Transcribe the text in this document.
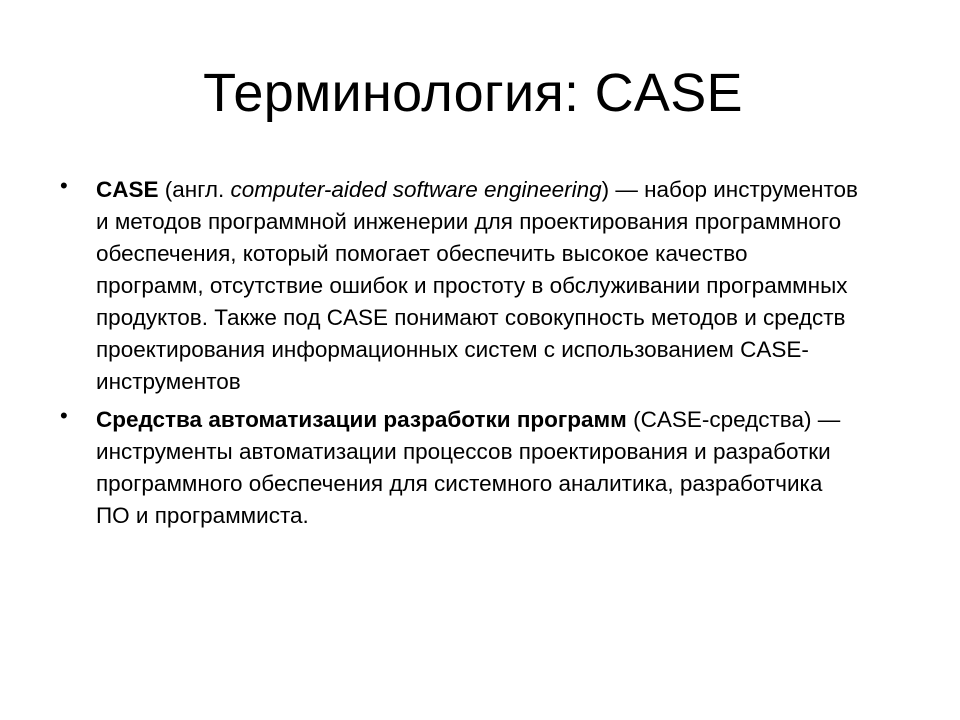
Терминология: CASE
•	CASE (англ. computer-aided software engineering) — набор инструментов и методов программной инженерии для проектирования программного обеспечения, который помогает обеспечить высокое качество программ, отсутствие ошибок и простоту в обслуживании программных продуктов. Также под CASE понимают совокупность методов и средств проектирования информационных систем с использованием CASE-инструментов
•	Средства автоматизации разработки программ (CASE-средства) — инструменты автоматизации процессов проектирования и разработки программного обеспечения для системного аналитика, разработчика ПО и программиста.
